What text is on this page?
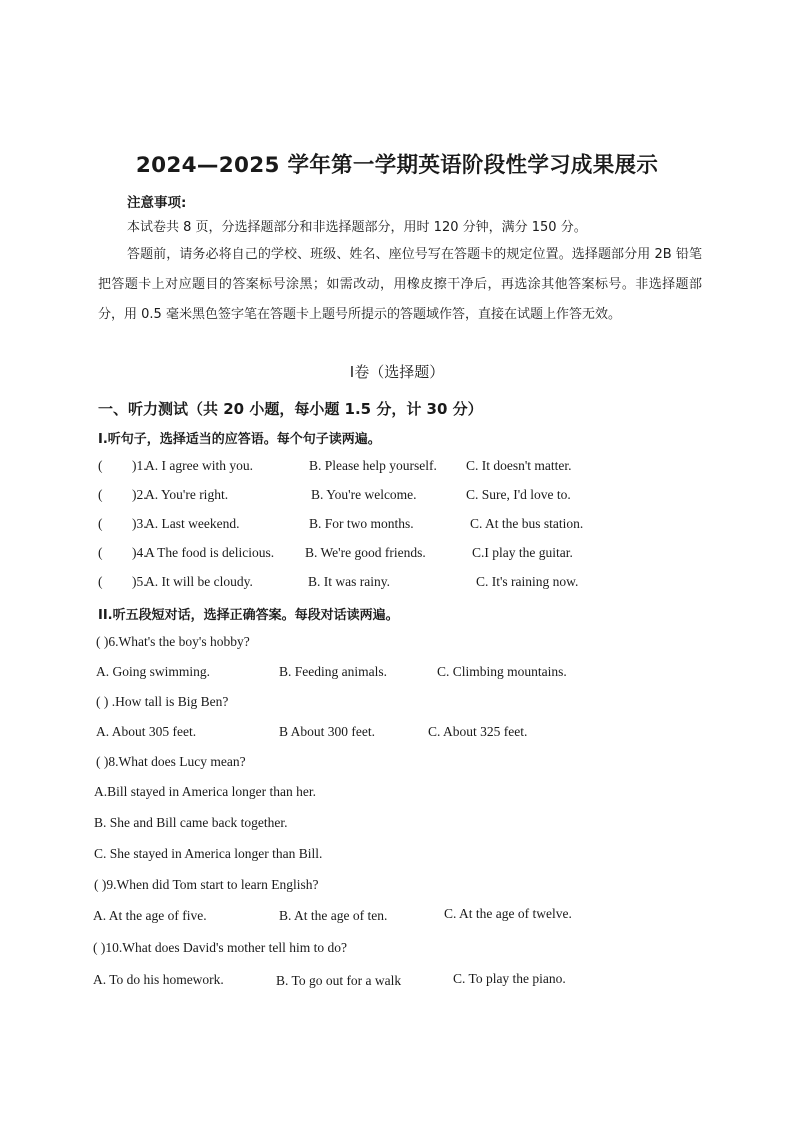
2024—2025 学年第一学期英语阶段性学习成果展示
注意事项:
本试卷共 8 页，分选择题部分和非选择题部分，用时 120 分钟，满分 150 分。
答题前，请务必将自己的学校、班级、姓名、座位号写在答题卡的规定位置。选择题部分用 2B 铅笔把答题卡上对应题目的答案标号涂黑；如需改动，用橡皮擦干净后，再选涂其他答案标号。非选择题部分，用 0.5 毫米黑色签字笔在答题卡上题号所提示的答题域作答，直接在试题上作答无效。
Ⅰ卷（选择题）
一、听力测试（共 20 小题，每小题 1.5 分，计 30 分）
I.听句子，选择适当的应答语。每个句子读两遍。
( )1.
A. I agree with you.	B. Please help yourself. C. It doesn't matter.
( )2.
A. You're right.	B. You're welcome.	C. Sure, I'd love to.
( )3.
A. Last weekend.	B. For two months.	C. At the bus station.
( )4.
A The food is delicious. B. We're good friends.	C.I play the guitar.
( )5.
A. It will be cloudy.	B. It was rainy.	C. It's raining now.
II.听五段短对话，选择正确答案。每段对话读两遍。
( )6.What's the boy's hobby?
A. Going swimming.	B. Feeding animals.	C. Climbing mountains.
( ) .How tall is Big Ben?
A. About 305 feet.	B About 300 feet.	C. About 325 feet.
( )8.What does Lucy mean?
A.Bill stayed in America longer than her.
B. She and Bill came back together.
C. She stayed in America longer than Bill.
( )9.When did Tom start to learn English?
A. At the age of five.	B. At the age of ten.	C. At the age of twelve.
( )10.What does David's mother tell him to do?
A. To do his homework.	B. To go out for a walk	C. To play the piano.
